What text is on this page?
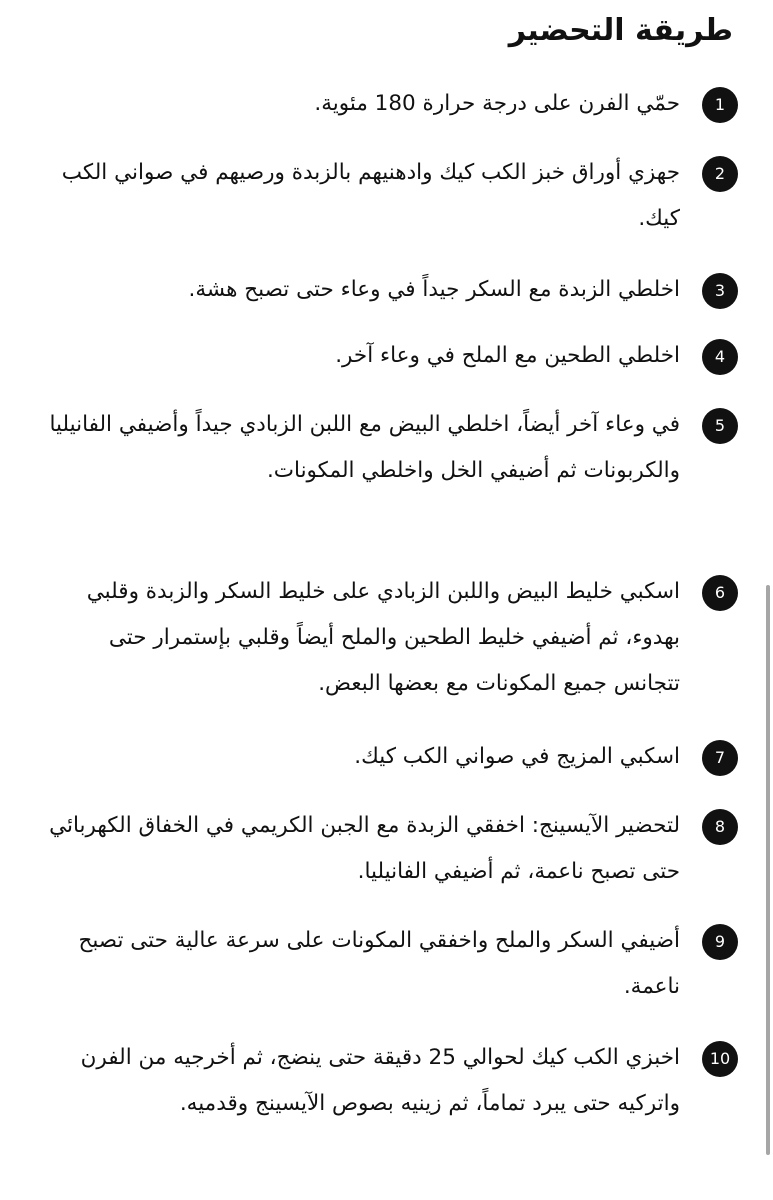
طريقة التحضير
1
حمّي الفرن على درجة حرارة 180 مئوية.
2
جهزي أوراق خبز الكب كيك وادهنيهم بالزبدة ورصيهم في صواني الكب كيك.
3
اخلطي الزبدة مع السكر جيداً في وعاء حتى تصبح هشة.
4
اخلطي الطحين مع الملح في وعاء آخر.
5
في وعاء آخر أيضاً، اخلطي البيض مع اللبن الزبادي جيداً وأضيفي الفانيليا والكربونات ثم أضيفي الخل واخلطي المكونات.
6
اسكبي خليط البيض واللبن الزبادي على خليط السكر والزبدة وقلبي بهدوء، ثم أضيفي خليط الطحين والملح أيضاً وقلبي بإستمرار حتى تتجانس جميع المكونات مع بعضها البعض.
7
اسكبي المزيج في صواني الكب كيك.
8
لتحضير الآيسينج: اخفقي الزبدة مع الجبن الكريمي في الخفاق الكهربائي حتى تصبح ناعمة، ثم أضيفي الفانيليا.
9
أضيفي السكر والملح واخفقي المكونات على سرعة عالية حتى تصبح ناعمة.
10
اخبزي الكب كيك لحوالي 25 دقيقة حتى ينضج، ثم أخرجيه من الفرن واتركيه حتى يبرد تماماً، ثم زينيه بصوص الآيسينج وقدميه.
